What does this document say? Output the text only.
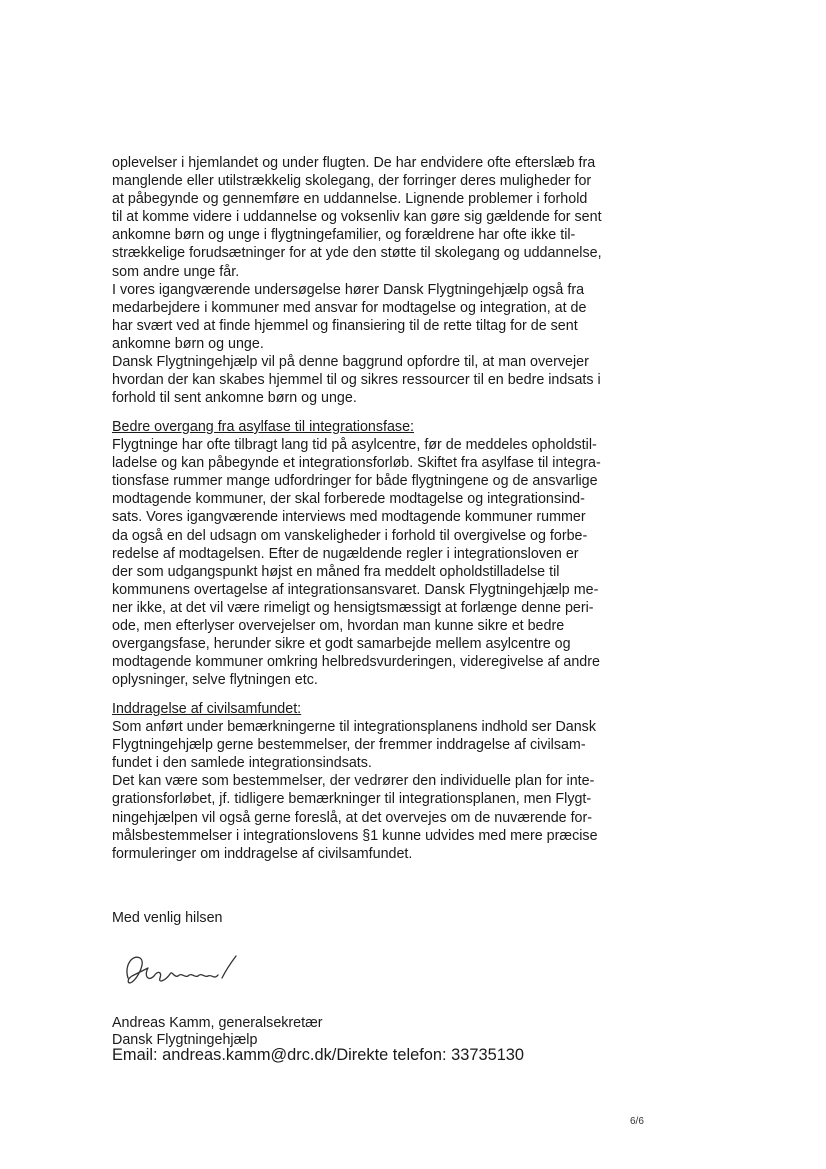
oplevelser i hjemlandet og under flugten. De har endvidere ofte efterslæb fra
manglende eller utilstrækkelig skolegang, der forringer deres muligheder for
at påbegynde og gennemføre en uddannelse. Lignende problemer i forhold
til at komme videre i uddannelse og voksenliv kan gøre sig gældende for sent
ankomne børn og unge i flygtningefamilier, og forældrene har ofte ikke til-
strækkelige forudsætninger for at yde den støtte til skolegang og uddannelse,
som andre unge får.
I vores igangværende undersøgelse hører Dansk Flygtningehjælp også fra
medarbejdere i kommuner med ansvar for modtagelse og integration, at de
har svært ved at finde hjemmel og finansiering til de rette tiltag for de sent
ankomne børn og unge.
Dansk Flygtningehjælp vil på denne baggrund opfordre til, at man overvejer
hvordan der kan skabes hjemmel til og sikres ressourcer til en bedre indsats i
forhold til sent ankomne børn og unge.
Bedre overgang fra asylfase til integrationsfase:
Flygtninge har ofte tilbragt lang tid på asylcentre, før de meddeles opholdstil-
ladelse og kan påbegynde et integrationsforløb. Skiftet fra asylfase til integra-
tionsfase rummer mange udfordringer for både flygtningene og de ansvarlige
modtagende kommuner, der skal forberede modtagelse og integrationsind-
sats. Vores igangværende interviews med modtagende kommuner rummer
da også en del udsagn om vanskeligheder i forhold til overgivelse og forbe-
redelse af modtagelsen. Efter de nugældende regler i integrationsloven er
der som udgangspunkt højst en måned fra meddelt opholdstilladelse til
kommunens overtagelse af integrationsansvaret. Dansk Flygtningehjælp me-
ner ikke, at det vil være rimeligt og hensigtsmæssigt at forlænge denne peri-
ode, men efterlyser overvejelser om, hvordan man kunne sikre et bedre
overgangsfase, herunder sikre et godt samarbejde mellem asylcentre og
modtagende kommuner omkring helbredsvurderingen, videregivelse af andre
oplysninger, selve flytningen etc.
Inddragelse af civilsamfundet:
Som anført under bemærkningerne til integrationsplanens indhold ser Dansk
Flygtningehjælp gerne bestemmelser, der fremmer inddragelse af civilsam-
fundet i den samlede integrationsindsats.
Det kan være som bestemmelser, der vedrører den individuelle plan for inte-
grationsforløbet, jf. tidligere bemærkninger til integrationsplanen, men Flygt-
ningehjælpen vil også gerne foreslå, at det overvejes om de nuværende for-
målsbestemmelser i integrationslovens §1 kunne udvides med mere præcise
formuleringer om inddragelse af civilsamfundet.
Med venlig hilsen
Andreas Kamm, generalsekretær
Dansk Flygtningehjælp
Email: andreas.kamm@drc.dk/Direkte telefon: 33735130
6/6
